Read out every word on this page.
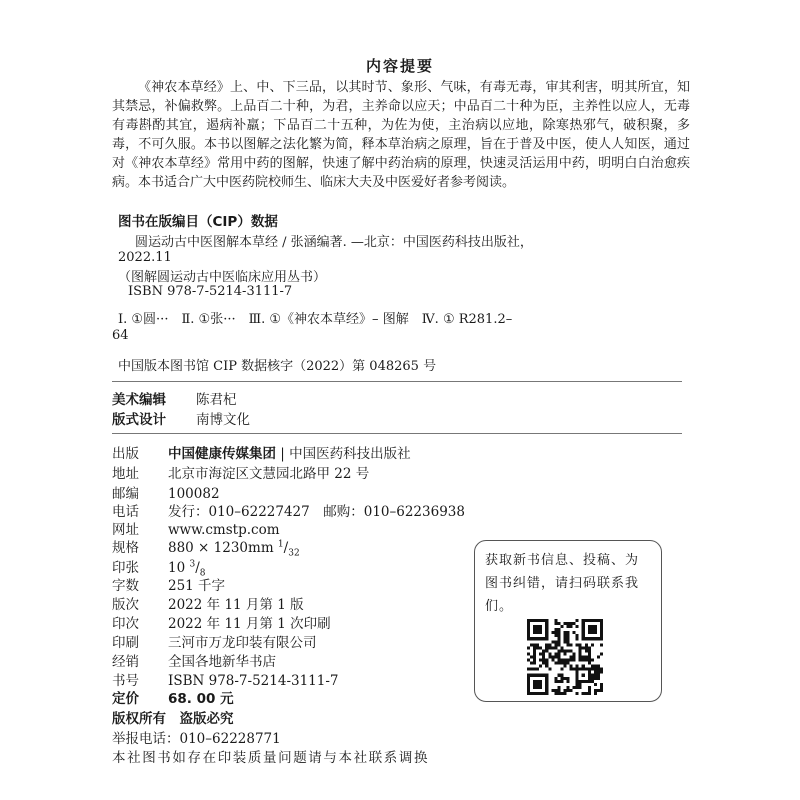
内容提要

《神农本草经》上、中、下三品，以其时节、象形、气味，有毒无毒，审其利害，明其所宜，知其禁忌，补偏救弊。上品百二十种，为君，主养命以应天；中品百二十种为臣，主养性以应人，无毒有毒斟酌其宜，遏病补羸；下品百二十五种，为佐为使，主治病以应地，除寒热邪气，破积聚，多毒，不可久服。本书以图解之法化繁为简，释本草治病之原理，旨在于普及中医，使人人知医，通过对《神农本草经》常用中药的图解，快速了解中药治病的原理，快速灵活运用中药，明明白白治愈疾病。本书适合广大中医药院校师生、临床大夫及中医爱好者参考阅读。

图书在版编目（CIP）数据
圆运动古中医图解本草经 / 张涵编著. —北京：中国医药科技出版社，
2022.11
（图解圆运动古中医临床应用丛书）
ISBN 978-7-5214-3111-7
Ⅰ. ①圆···　Ⅱ. ①张···　Ⅲ. ①《神农本草经》– 图解　Ⅳ. ① R281.2–
64
中国版本图书馆 CIP 数据核字（2022）第 048265 号
美术编辑 陈君杞
版式设计 南博文化
出版 中国健康传媒集团 | 中国医药科技出版社
地址 北京市海淀区文慧园北路甲 22 号
邮编 100082
电话 发行：010–62227427　邮购：010–62236938
网址 www.cmstp.com
规格 880 × 1230mm $^1/_{32}$
印张 10 $^3/_8$
字数 251 千字
版次 2022 年 11 月第 1 版
印次 2022 年 11 月第 1 次印刷
印刷 三河市万龙印装有限公司
经销 全国各地新华书店
书号 ISBN 978-7-5214-3111-7
定价 68. 00 元
版权所有　盗版必究
举报电话：010–62228771
本社图书如存在印装质量问题请与本社联系调换
获取新书信息、投稿、为图书纠错，请扫码联系我们。
